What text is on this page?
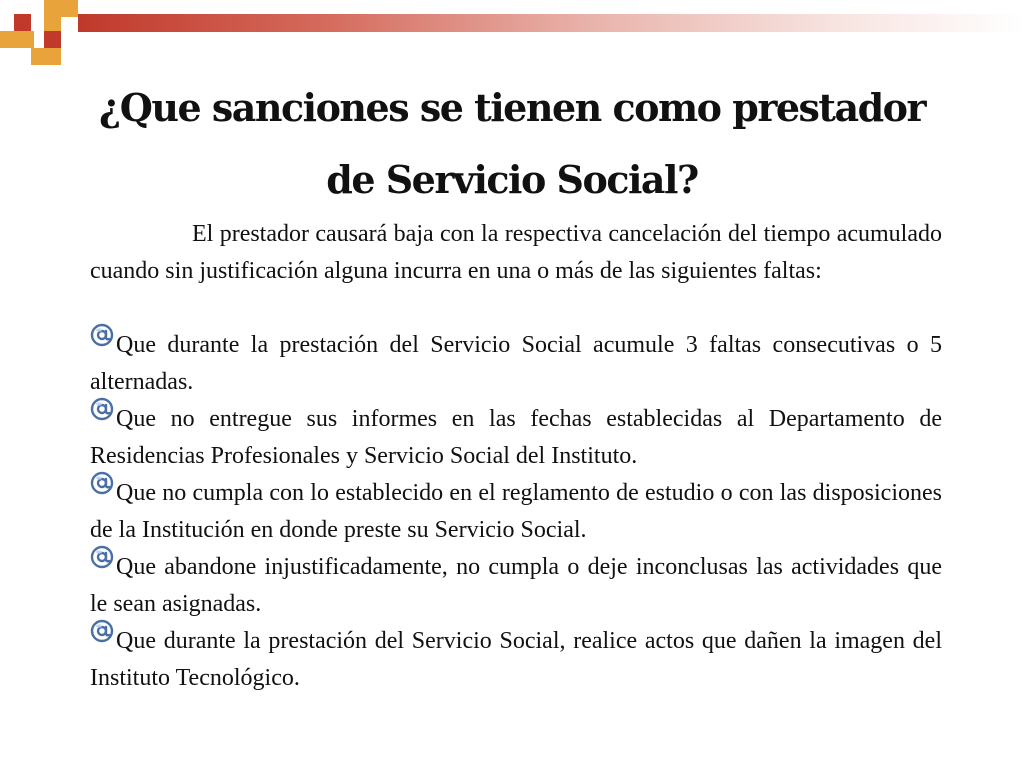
¿Que sanciones se tienen como prestador de Servicio Social?

El prestador causará baja con la respectiva cancelación del tiempo acumulado cuando sin justificación alguna incurra en una o más de las siguientes faltas:

Que durante la prestación del Servicio Social acumule 3 faltas consecutivas o 5 alternadas.
Que no entregue sus informes en las fechas establecidas al Departamento de Residencias Profesionales y Servicio Social del Instituto.
Que no cumpla con lo establecido en el reglamento de estudio o con las disposiciones de la Institución en donde preste su Servicio Social.
Que abandone injustificadamente, no cumpla o deje inconclusas las actividades que le sean asignadas.
Que durante la prestación del Servicio Social, realice actos que dañen la imagen del Instituto Tecnológico.
